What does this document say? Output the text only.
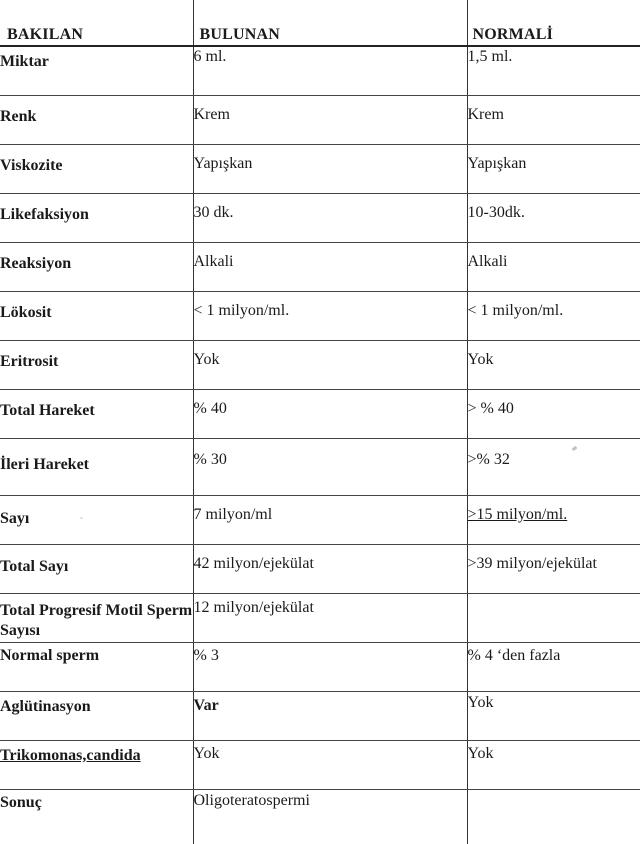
BAKILAN	BULUNAN	NORMALİ

Miktar	6 ml.	1,5 ml.

Renk	Krem	Krem

Viskozite	Yapışkan	Yapışkan

Likefaksiyon	30 dk.	10-30dk.

Reaksiyon	Alkali	Alkali

Lökosit	< 1 milyon/ml.	< 1 milyon/ml.

Eritrosit	Yok	Yok

Total Hareket	% 40	> % 40

İleri Hareket	% 30	>% 32

Sayı	7 milyon/ml	>15 milyon/ml.

Total Sayı	42 milyon/ejekülat	>39 milyon/ejekülat

Total Progresif Motil Sperm Sayısı	12 milyon/ejekülat	

Normal sperm	% 3	% 4 ‘den fazla

Aglütinasyon	Var	Yok

Trikomonas,candida	Yok	Yok

Sonuç	Oligoteratospermi	
